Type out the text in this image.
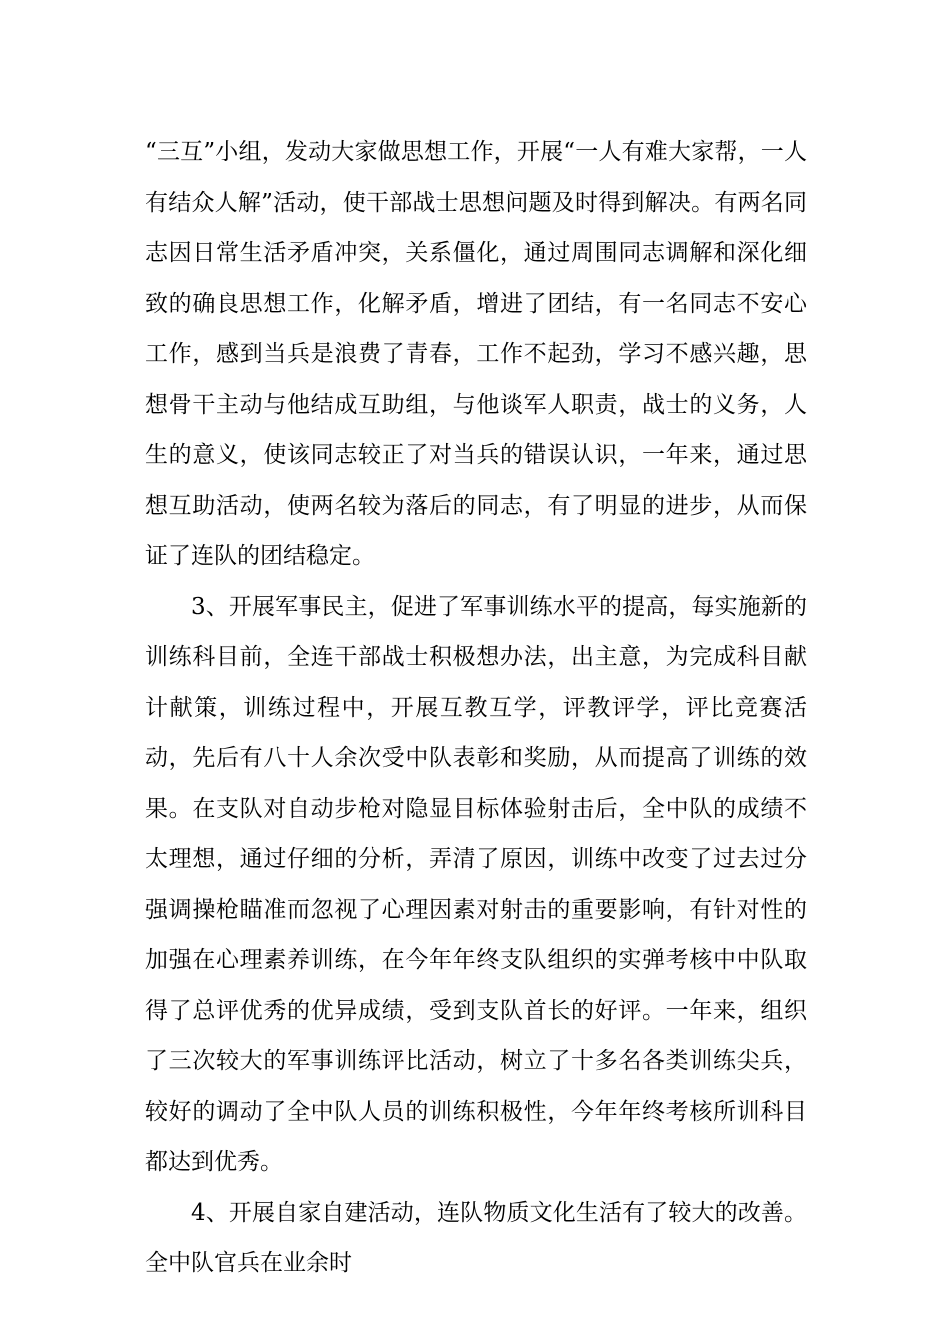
“三互”小组，发动大家做思想工作，开展“一人有难大家帮，一人有结众人解”活动，使干部战士思想问题及时得到解决。有两名同志因日常生活矛盾冲突，关系僵化，通过周围同志调解和深化细致的确良思想工作，化解矛盾，增进了团结，有一名同志不安心工作，感到当兵是浪费了青春，工作不起劲，学习不感兴趣，思想骨干主动与他结成互助组，与他谈军人职责，战士的义务，人生的意义，使该同志较正了对当兵的错误认识，一年来，通过思想互助活动，使两名较为落后的同志，有了明显的进步，从而保证了连队的团结稳定。

3、开展军事民主，促进了军事训练水平的提高，每实施新的训练科目前，全连干部战士积极想办法，出主意，为完成科目献计献策，训练过程中，开展互教互学，评教评学，评比竞赛活动，先后有八十人余次受中队表彰和奖励，从而提高了训练的效果。在支队对自动步枪对隐显目标体验射击后，全中队的成绩不太理想，通过仔细的分析，弄清了原因，训练中改变了过去过分强调操枪瞄准而忽视了心理因素对射击的重要影响，有针对性的加强在心理素养训练，在今年年终支队组织的实弹考核中中队取得了总评优秀的优异成绩，受到支队首长的好评。一年来，组织了三次较大的军事训练评比活动，树立了十多名各类训练尖兵，较好的调动了全中队人员的训练积极性，今年年终考核所训科目都达到优秀。

4、开展自家自建活动，连队物质文化生活有了较大的改善。全中队官兵在业余时
